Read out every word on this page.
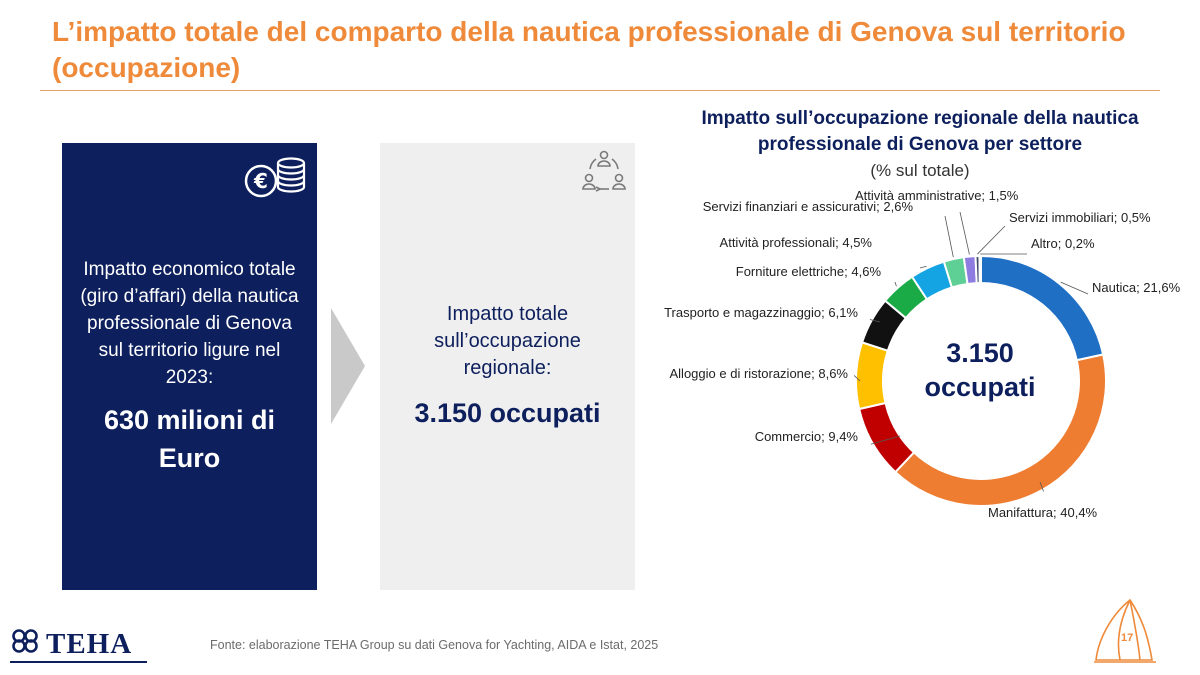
L’impatto totale del comparto della nautica professionale di Genova sul territorio (occupazione)
€
Impatto economico totale (giro d’affari) della nautica professionale di Genova sul territorio ligure nel 2023:
630 milioni di Euro
Impatto totale sull’occupazione regionale:
3.150 occupati
Impatto sull’occupazione regionale della nautica professionale di Genova per settore
(% sul totale)
3.150 occupati
Nautica; 21,6%
Manifattura; 40,4%
Commercio; 9,4%
Alloggio e di ristorazione; 8,6%
Trasporto e magazzinaggio; 6,1%
Forniture elettriche; 4,6%
Attività professionali; 4,5%
Servizi finanziari e assicurativi; 2,6%
Attività amministrative; 1,5%
Servizi immobiliari; 0,5%
Altro; 0,2%
TEHA	Fonte: elaborazione TEHA Group su dati Genova for Yachting, AIDA e Istat, 2025	17
